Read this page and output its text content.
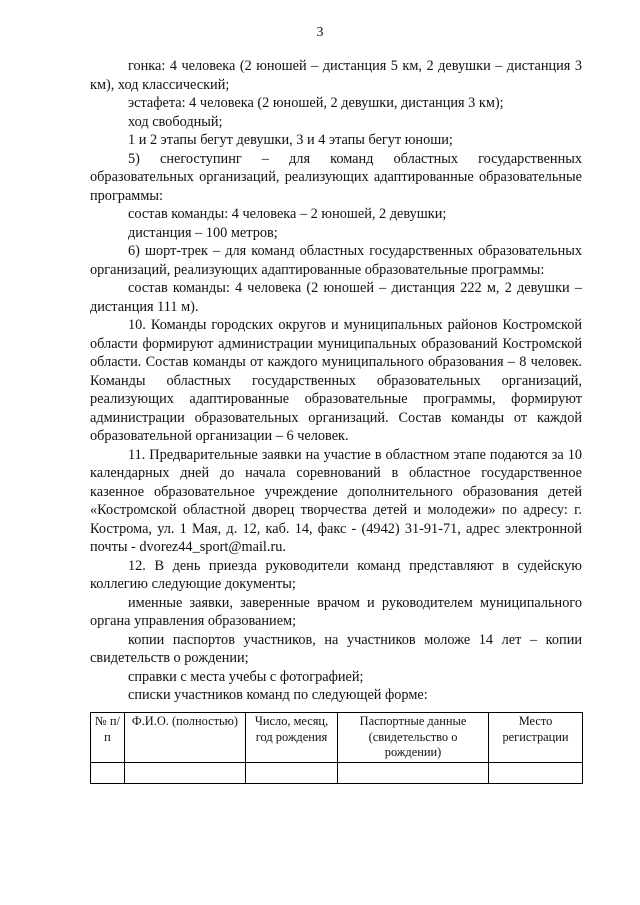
3

гонка: 4 человека (2 юношей – дистанция 5 км, 2 девушки – дистанция 3 км), ход классический;

эстафета: 4 человека (2 юношей, 2 девушки, дистанция 3 км);

ход свободный;

1 и 2 этапы бегут девушки, 3 и 4 этапы бегут юноши;

5) снегоступинг – для команд областных государственных образовательных организаций, реализующих адаптированные образовательные программы:

состав команды: 4 человека – 2 юношей, 2 девушки;

дистанция – 100 метров;

6) шорт-трек – для команд областных государственных образовательных организаций, реализующих адаптированные образовательные программы:

состав команды: 4 человека (2 юношей – дистанция 222 м, 2 девушки – дистанция 111 м).

10. Команды городских округов и муниципальных районов Костромской области формируют администрации муниципальных образований Костромской области. Состав команды от каждого муниципального образования – 8 человек. Команды областных государственных образовательных организаций, реализующих адаптированные образовательные программы, формируют администрации образовательных организаций. Состав команды от каждой образовательной организации – 6 человек.

11. Предварительные заявки на участие в областном этапе подаются за 10 календарных дней до начала соревнований в областное государственное казенное образовательное учреждение дополнительного образования детей «Костромской областной дворец творчества детей и молодежи» по адресу: г. Кострома, ул. 1 Мая, д. 12, каб. 14, факс - (4942) 31-91-71, адрес электронной почты - dvorez44_sport@mail.ru.

12. В день приезда руководители команд представляют в судейскую коллегию следующие документы;

именные заявки, заверенные врачом и руководителем муниципального органа управления образованием;

копии паспортов участников, на участников моложе 14 лет – копии свидетельств о рождении;

справки с места учебы с фотографией;

списки участников команд по следующей форме:

№ п/п	Ф.И.О. (полностью)	Число, месяц, год рождения	Паспортные данные (свидетельство о рождении)	Место регистрации
